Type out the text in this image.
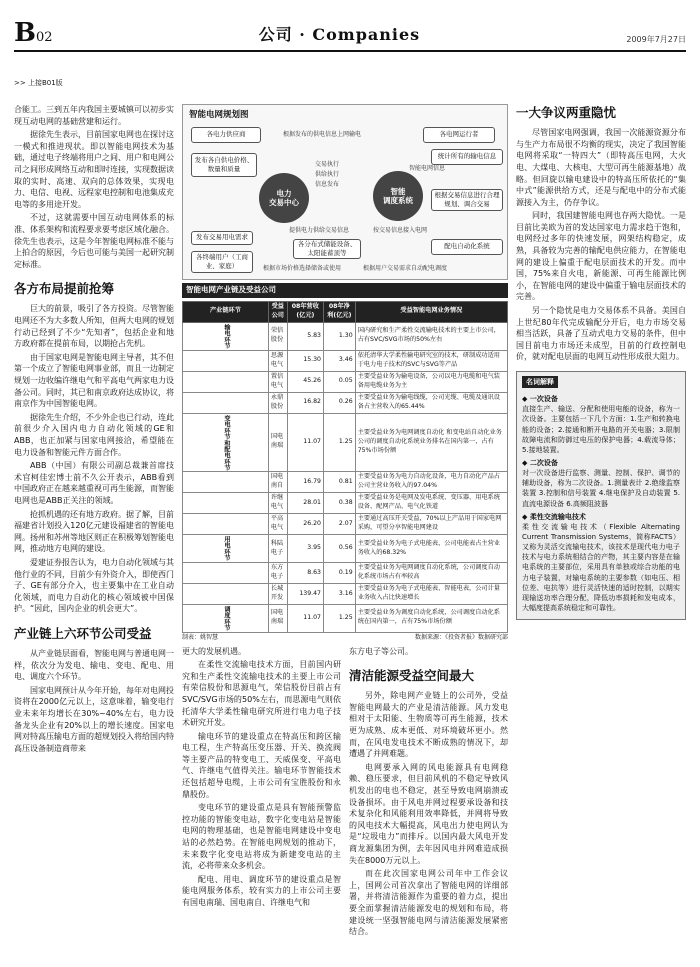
B02	公司 · Companies	2009年7月27日
>> 上接B01版

合能工。三到五年内我国主要城镇可以初步实现互动电网的基础营建和运行。

据徐先生表示，目前国家电网也在探讨这一模式和推进现状。即以智能电网技术为基础，通过电子终端将用户之间、用户和电网公司之间形成网络互动和即时连接，实现数据读取的实时、高速、双向的总体效果，实现电力、电信、电视、远程家电控制和电池集成充电等的多用途开发。

不过，这就需要中国互动电网体系的标准、体系架构和流程要求要考虑区域化融合。徐先生也表示，这是今年智能电网标准不能与上拍合的原因，今后也可能与美国一起研究制定标准。

各方布局提前抢筹

巨大的前景，吸引了各方投资。尽管智能电网还不为大多数人所知，但两大电网的规划行动已经到了不少“先知者”，包括企业和地方政府都在提前布局，以期抢占先机。

由于国家电网是智能电网主导者，其不但第一个成立了智能电网事业部，而且一边制定规划一边收编许继电气和平高电气两家电力设备公司。同时，其已和南京政府达成协议，将南京作为中国智能电网。

据徐先生介绍，不少外企也已行动，连此前很少介入国内电力自动化领域的GE和ABB，也正加紧与国家电网接洽，希望能在电力设备和智能元件方面合作。

ABB（中国）有限公司副总裁兼首席技术官柯佳宏博士前不久公开表示，ABB看到中国政府正在越来越重视可再生能源，而智能电网也是ABB正关注的领域。

抢抓机遇的还有地方政府。据了解，目前福建省计划投入120亿元建设福建省的智能电网。扬州和苏州等地区则正在积极筹划智能电网，推动地方电网的建设。

爱建证券报告认为，电力自动化领域与其他行业的不同，目前少有外资介入，即使西门子、GE有部分介入，也主要集中在工业自动化领域，而电力自动化的核心领域被中国保护。“因此，国内企业的机会更大”。

产业链上六环节公司受益

从产业链层面看，智能电网与普通电网一样，依次分为发电、输电、变电、配电、用电、调度六个环节。

国家电网预计从今年开始，每年对电网投资将在2000亿元以上，这意味着，输变电行业未来年均增长在30%~40%左右，电力设备龙头企业有20%以上的增长速度。国家电网对特高压输电方面的超规划投入将给国内特高压设备制造商带来

智能电网规划图
各电力供应商	根据发布的供电信息上网输电	各电网运行者
发布各自供电价格、数量和质量
电力
交易中心
交易执行
供给执行
信息发布
智能电网信息
统计所有的输电信息
智能
调度系统
根据交易信息进行合理规划、调合交易
提供电力供给交易信息	按交易信息接入电网
发布交易用电需求
各分布式储能设备、太阳能蓄顶等
各终端用户（工商业、家庭）	根据市场价格选择储备或使用
配电自动化系统
根据用户交易需求自动配电调度
智能电网产业链及受益公司
产业链环节	受益公司	08年营收(亿元)	08年净利(亿元)	受益智能电网业务情况
输电环节	荣信股份	5.83	1.30	国内研究和生产柔性交流输电技术的主要上市公司，占有SVC/SVG市场的50%左右
	思源电气	15.30	3.46	依托清华大学柔性输电研究室的技术，研制成功适用于电力电子技术的SVC与SVG等产品
	置信电气	45.26	0.05	主要受益业务为输电设备，公司以电力电缆和电气装备用电缆业务为主
	永鼎股份	16.82	0.26	主要受益业务为输电线缆，公司光缆、电缆及通讯设备占主营收入的65.44%
变电环节和配电环节	国电南瑞	11.07	1.25	主要受益业务为电网调度自动化 和变电站自动化业务公司的调度自动化系统业务排名在国内第一，占有75%市场份额
	国电南自	16.79	0.81	主要受益业务为电力自动化设备，电力自动化产品占公司主营业务收入的97.04%
	许继电气	28.01	0.38	主要受益业务是电网及发电系统、变压器、用电系统设备、配网产品、电气化铁道
	平高电气	26.20	2.07	主要通过高压开关受益，70%以上产品用于国家电网采购，可望分享智能电网建设
用电环节	科陆电子	3.95	0.56	主要受益业务为电子式电能表，公司电能表占主营业务收入的68.32%
	东方电子	8.63	0.19	主要受益业务为电网调度自动化系统，公司调度自动化系统市场占有率较高
	长城开发	139.47	3.16	主要受益业务为电子式电能表、智能电表，公司计量业务收入占比快速增长
调度环节	国电南瑞	11.07	1.25	主要受益业务为调度自动化系统，公司调度自动化系统在国内第一，占有75%市场份额
制表：姚智慧	数据来源：《投资者报》数据研究部

更大的发展机遇。

在柔性交流输电技术方面，目前国内研究和生产柔性交流输电技术的主要上市公司有荣信股份和思源电气，荣信股份目前占有SVC/SVG市场的50%左右，而思源电气则依托清华大学柔性输电研究所进行电力电子技术研究开发。

输电环节的建设重点在特高压和跨区输电工程，生产特高压变压器、开关、换流阀等主要产品的特变电工、天威保变、平高电气、许继电气值得关注。输电环节智能技术还包括超导电缆，上市公司有宝胜股份和永鼎股份。

变电环节的建设重点是具有智能预警监控功能的智能变电站，数字化变电站是智能电网的物理基础，也是智能电网建设中变电站的必然趋势。在智能电网规划的推动下，未来数字化变电站将成为新建变电站的主流，必将带来众多机会。

配电、用电、调度环节的建设重点是智能电网服务体系，较有实力的上市公司主要有国电南瑞、国电南自、许继电气和

东方电子等公司。

清洁能源受益空间最大

另外，除电网产业链上的公司外，受益智能电网最大的产业是清洁能源。风力发电相对于太阳能、生物质等可再生能源，技术更为成熟、成本更低、对环境破坏更小。然而，在风电发电技术不断成熟的情况下，却遭遇了并网难题。

电网要承入网的风电能源具有电网稳赖、稳压要求，但目前风机的不稳定导致风机发出的电也不稳定，甚至导致电网崩溃或设备损坏。由于风电并网过程要承设备和技术复杂化和风能利用效率降低，并网将导致的风电技术大幅提高，风电出力使电网认为是“垃圾电力”而排斥。以国内最大风电开发商龙源集团为例，去年因风电并网难造成损失在8000万元以上。

而在此次国家电网公司年中工作会议上，国网公司首次拿出了智能电网的详细部署，并将清洁能源作为重要的着力点，提出要全面掌握清洁能源发电的规划和布局，将建设统一坚强智能电网与清洁能源发展紧密结合。

一大争议两重隐忧

尽管国家电网强调，我国一次能源资源分布与生产力布局很不均衡的现实，决定了我国智能电网将采取“一特四大”（即特高压电网，大火电、大煤电、大核电、大型可再生能源基地）战略。但回旋以输电建设中的特高压所依托的“集中式”能源供给方式，还是与配电中的分布式能源接入为主，仍存争议。

同时，我国建智能电网也存两大隐忧。一是目前比美欧为首的发达国家电力需求趋于饱和，电网经过多年的快速发展，网架结构稳定，成熟，具备较为完善的输配电供应能力，在智能电网的建设上偏重于配电层面技术的开发。而中国，75%来自火电，新能源、可再生能源比例小，在智能电网的建设中偏重于输电层面技术的完善。

另一个隐忧是电力交易体系不具备。美国自上世纪80年代完成输配分开后，电力市场交易相当活跃，具备了互动式电力交易的条件，但中国目前电力市场还未成型，目前的行政控制电价，就对配电层面的电网互动性形成很大阻力。

名词解释
◆ 一次设备

直接生产、输送、分配和使用电能的设备，称为一次设备。主要包括一下几个方面：1.生产和转换电能的设备；2.接通和断开电路的开关电器；3.限制故障电流和防御过电压的保护电器；4.载流导体；5.接地装置。

◆ 二次设备

对一次设备进行监察、测量、控制、保护、调节的辅助设备，称为二次设备。1.测量表计 2.绝缘监察装置 3.控制和信号装置 4.继电保护及自动装置 5.直流电源设备 6.高频阻波器

◆ 柔性交流输电技术

柔性交流输电技术（Flexible Alternating Current Transmission Systems，简称FACTS）又称为灵活交流输电技术，该技术是现代电力电子技术与电力系统相结合的产物，其主要内容是在输电系统的主要部位，采用具有单独或综合功能的电力电子装置，对输电系统的主要参数（如电压、相位差、电抗等）进行灵活快速的适时控制，以期实现输送功率合理分配，降低功率损耗和发电成本，大幅度提高系统稳定和可靠性。
